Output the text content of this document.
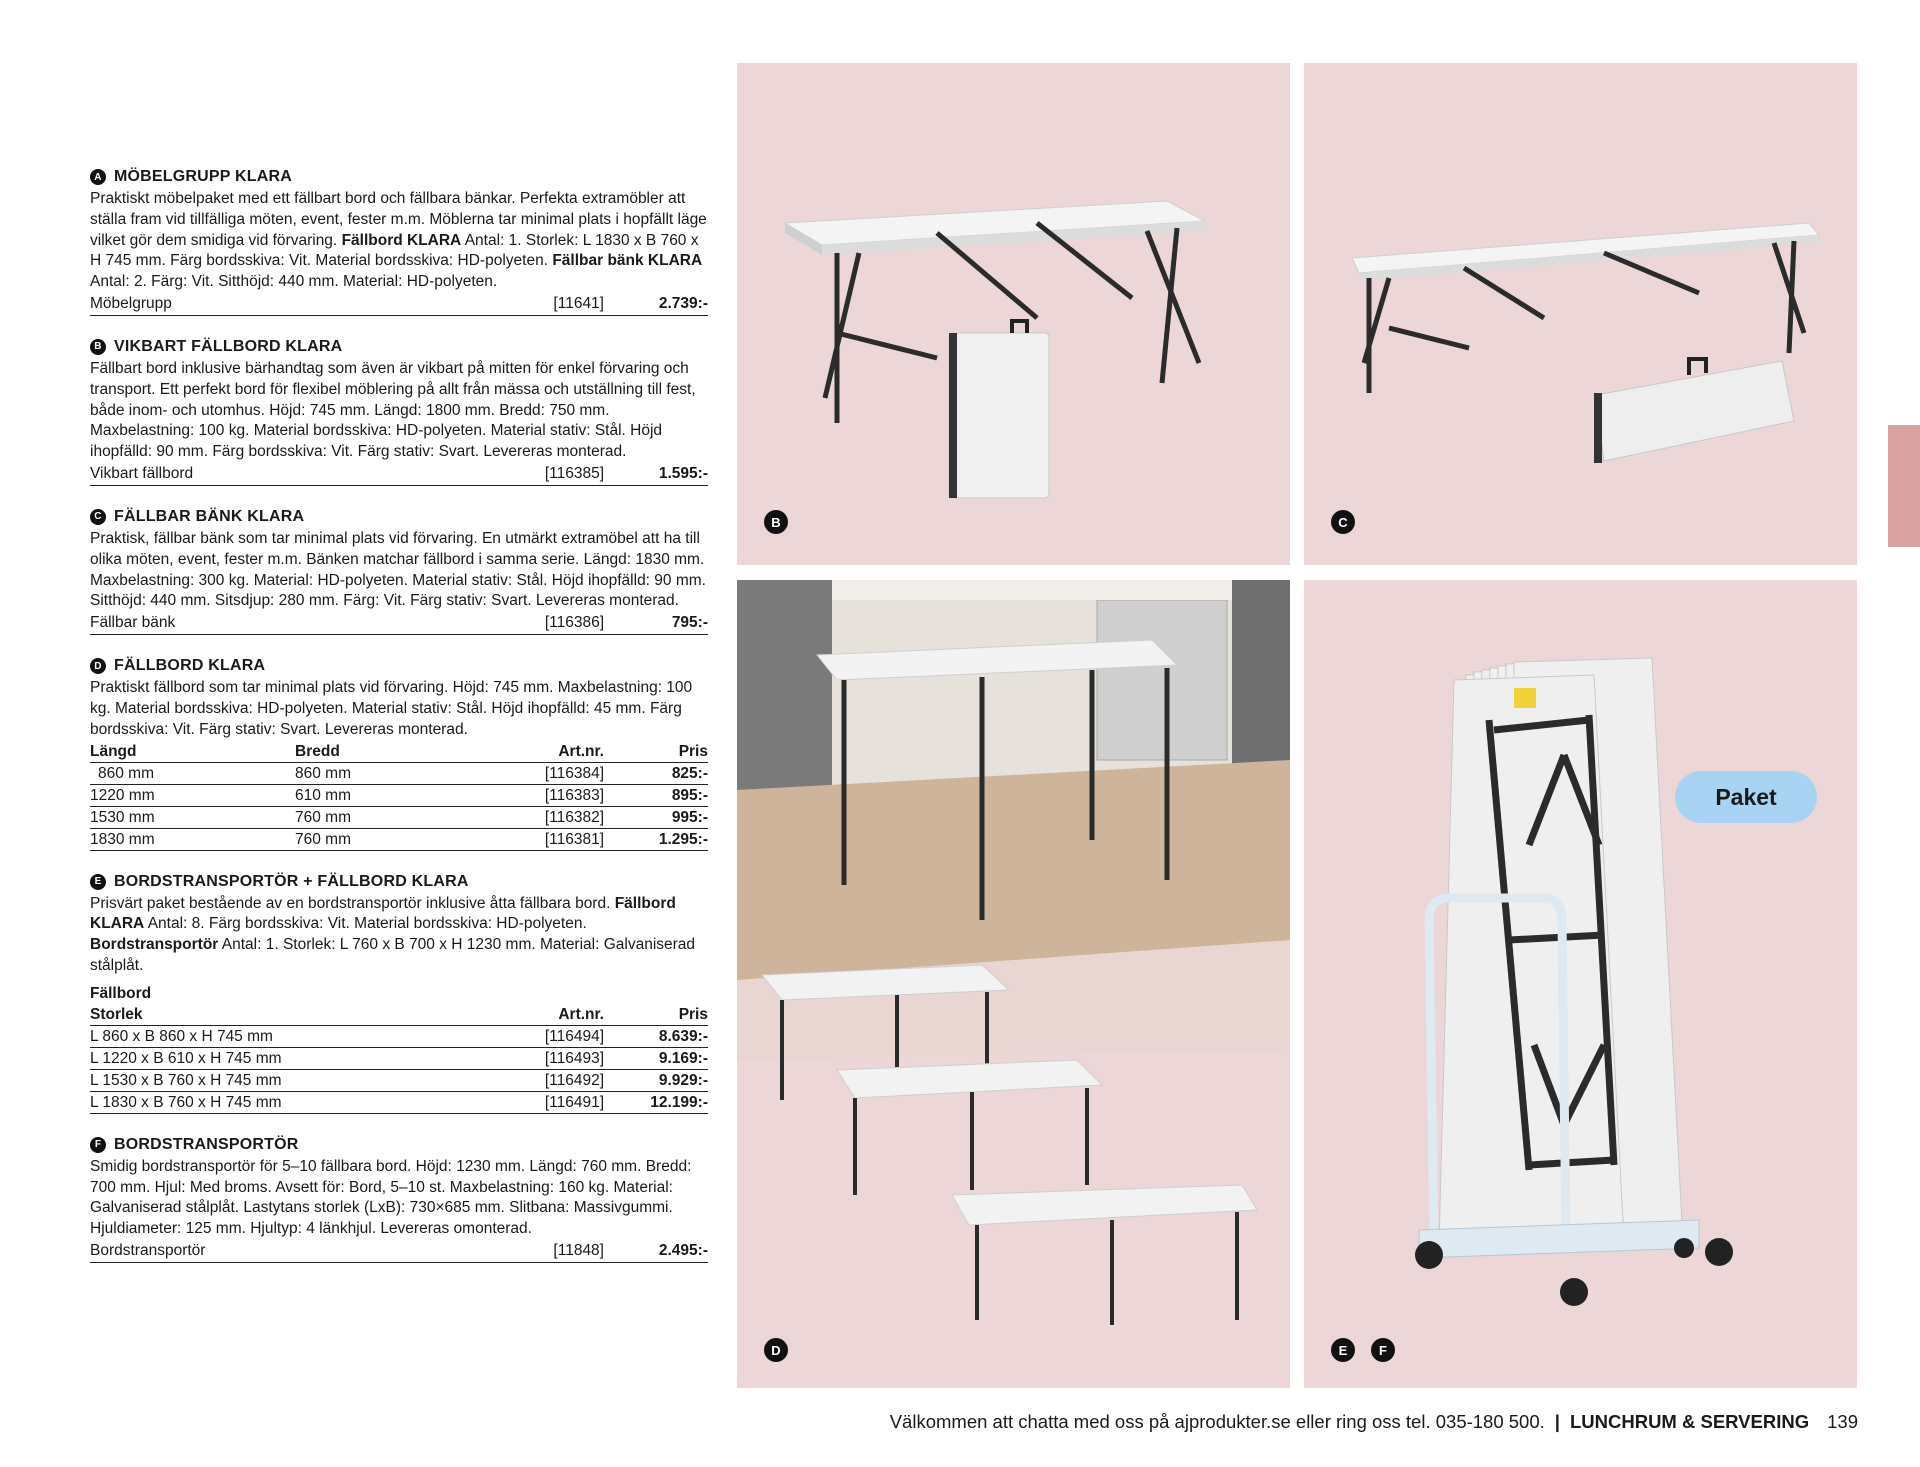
A MÖBELGRUPP KLARA

Praktiskt möbelpaket med ett fällbart bord och fällbara bänkar. Perfekta extramöbler att ställa fram vid tillfälliga möten, event, fester m.m. Möblerna tar minimal plats i hopfällt läge vilket gör dem smidiga vid förvaring. Fällbord KLARA Antal: 1. Storlek: L 1830 x B 760 x H 745 mm. Färg bordsskiva: Vit. Material bordsskiva: HD-polyeten. Fällbar bänk KLARA Antal: 2. Färg: Vit. Sitthöjd: 440 mm. Material: HD-polyeten.

Möbelgrupp	[11641]	2.739:-
B VIKBART FÄLLBORD KLARA

Fällbart bord inklusive bärhandtag som även är vikbart på mitten för enkel förvaring och transport. Ett perfekt bord för flexibel möblering på allt från mässa och utställning till fest, både inom- och utomhus. Höjd: 745 mm. Längd: 1800 mm. Bredd: 750 mm. Maxbelastning: 100 kg. Material bordsskiva: HD-polyeten. Material stativ: Stål. Höjd ihopfälld: 90 mm. Färg bordsskiva: Vit. Färg stativ: Svart. Levereras monterad.

Vikbart fällbord	[116385]	1.595:-
C FÄLLBAR BÄNK KLARA

Praktisk, fällbar bänk som tar minimal plats vid förvaring. En utmärkt extramöbel att ha till olika möten, event, fester m.m. Bänken matchar fällbord i samma serie. Längd: 1830 mm. Maxbelastning: 300 kg. Material: HD-polyeten. Material stativ: Stål. Höjd ihopfälld: 90 mm. Sitthöjd: 440 mm. Sitsdjup: 280 mm. Färg: Vit. Färg stativ: Svart. Levereras monterad.

Fällbar bänk	[116386]	795:-
D FÄLLBORD KLARA

Praktiskt fällbord som tar minimal plats vid förvaring. Höjd: 745 mm. Maxbelastning: 100 kg. Material bordsskiva: HD-polyeten. Material stativ: Stål. Höjd ihopfälld: 45 mm. Färg bordsskiva: Vit. Färg stativ: Svart. Levereras monterad.

Längd	Bredd	Art.nr.	Pris
860 mm	860 mm	[116384]	825:-
1220 mm	610 mm	[116383]	895:-
1530 mm	760 mm	[116382]	995:-
1830 mm	760 mm	[116381]	1.295:-
E BORDSTRANSPORTÖR + FÄLLBORD KLARA

Prisvärt paket bestående av en bordstransportör inklusive åtta fällbara bord. Fällbord KLARA Antal: 8. Färg bordsskiva: Vit. Material bordsskiva: HD-polyeten. Bordstransportör Antal: 1. Storlek: L 760 x B 700 x H 1230 mm. Material: Galvaniserad stålplåt.

Fällbord
Storlek	Art.nr.	Pris
L 860 x B 860 x H 745 mm	[116494]	8.639:-
L 1220 x B 610 x H 745 mm	[116493]	9.169:-
L 1530 x B 760 x H 745 mm	[116492]	9.929:-
L 1830 x B 760 x H 745 mm	[116491]	12.199:-
F BORDSTRANSPORTÖR

Smidig bordstransportör för 5–10 fällbara bord. Höjd: 1230 mm. Längd: 760 mm. Bredd: 700 mm. Hjul: Med broms. Avsett för: Bord, 5–10 st. Maxbelastning: 160 kg. Material: Galvaniserad stålplåt. Lastytans storlek (LxB): 730×685 mm. Slitbana: Massivgummi. Hjuldiameter: 125 mm. Hjultyp: 4 länkhjul. Levereras omonterad.

Bordstransportör	[11848]	2.495:-
B	C
D	E	F
Paket
Välkommen att chatta med oss på ajprodukter.se eller ring oss tel. 035-180 500. | LUNCHRUM & SERVERING 139
